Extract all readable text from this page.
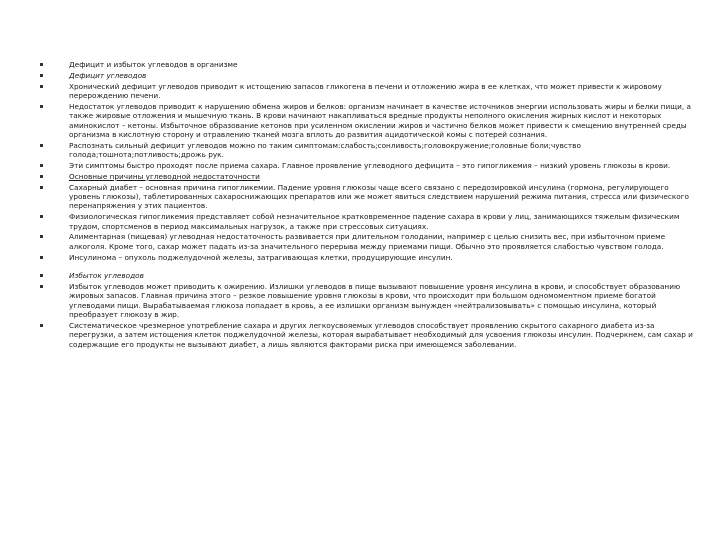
Дефицит и избыток углеводов в организме
Дефицит углеводов
Хронический дефицит углеводов приводит к истощению запасов гликогена в печени и отложению жира в ее клетках, что может привести к жировому перерождению печени.
Недостаток углеводов приводит к нарушению обмена жиров и белков: организм начинает в качестве источников энергии использовать жиры и белки пищи, а также жировые отложения и мышечную ткань. В крови начинают накапливаться вредные продукты неполного окисления жирных кислот и некоторых аминокислот – кетоны. Избыточное образование кетонов при усиленном окислении жиров и частично белков может привести к смещению внутренней среды организма в кислотную сторону и отравлению тканей мозга вплоть до развития ацидотической комы с потерей сознания.
Распознать сильный дефицит углеводов можно по таким симптомам:слабость;сонливость;головокружение;головные боли;чувство голода;тошнота;потливость;дрожь рук.
Эти симптомы быстро проходят после приема сахара. Главное проявление углеводного дефицита – это гипогликемия – низкий уровень глюкозы в крови.
Основные причины углеводной недостаточности
Сахарный диабет – основная причина гипогликемии. Падение уровня глюкозы чаще всего связано с передозировкой инсулина (гормона, регулирующего уровень глюкозы), таблетированных сахароснижающих препаратов или же может явиться следствием нарушений режима питания, стресса или физического перенапряжения у этих пациентов.
Физиологическая гипогликемия представляет собой незначительное кратковременное падение сахара в крови у лиц, занимающихся тяжелым физическим трудом, спортсменов в период максимальных нагрузок, а также при стрессовых ситуациях.
Алиментарная (пищевая) углеводная недостаточность развивается при длительном голодании, например с целью снизить вес, при избыточном приеме алкоголя. Кроме того, сахар может падать из-за значительного перерыва между приемами пищи. Обычно это проявляется слабостью чувством голода.
Инсулинома – опухоль поджелудочной железы, затрагивающая клетки, продуцирующие инсулин.
Избыток углеводов
Избыток углеводов может приводить к ожирению. Излишки углеводов в пище вызывают повышение уровня инсулина в крови, и способствует образованию жировых запасов. Главная причина этого – резкое повышение уровня глюкозы в крови, что происходит при большом одномоментном приеме богатой углеводами пищи. Вырабатываемая глюкоза попадает в кровь, а ее излишки организм вынужден «нейтрализовывать» с помощью инсулина, который преобразует глюкозу в жир.
Систематическое чрезмерное употребление сахара и других легкоусвояемых углеводов способствует проявлению скрытого сахарного диабета из-за перегрузки, а затем истощения клеток поджелудочной железы, которая вырабатывает необходимый для усвоения глюкозы инсулин. Подчеркнем, сам сахар и содержащие его продукты не вызывают диабет, а лишь являются факторами риска при имеющемся заболевании.
